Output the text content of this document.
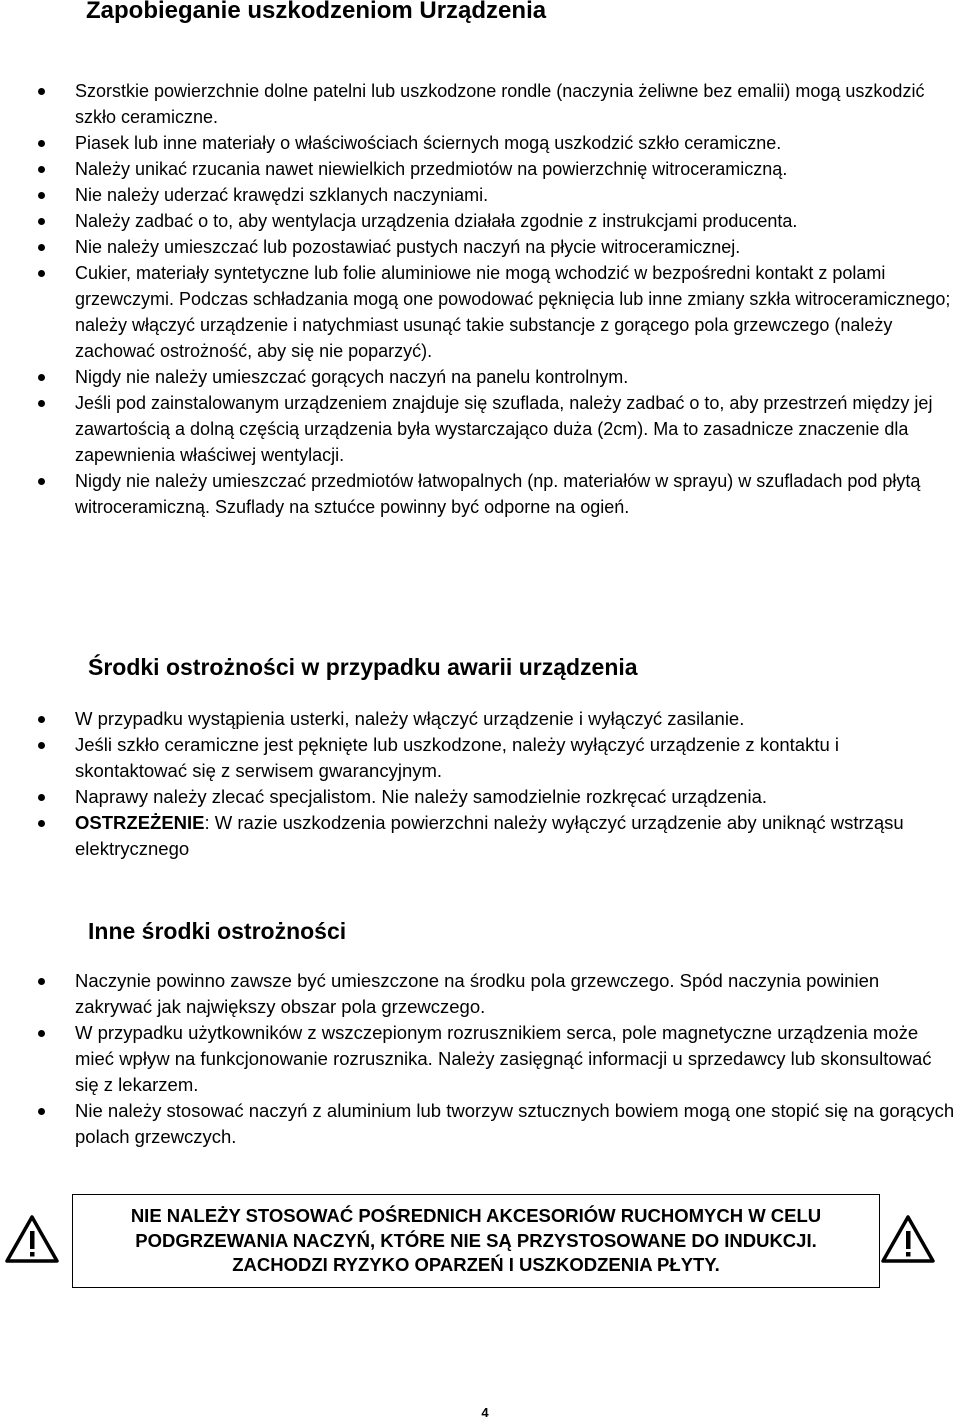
Zapobieganie uszkodzeniom Urządzenia
Szorstkie powierzchnie dolne patelni lub uszkodzone rondle (naczynia żeliwne bez emalii) mogą uszkodzić szkło ceramiczne.
Piasek lub inne materiały o właściwościach ściernych mogą uszkodzić szkło ceramiczne.
Należy unikać rzucania nawet niewielkich przedmiotów na powierzchnię witroceramiczną.
Nie należy uderzać krawędzi szklanych naczyniami.
Należy zadbać o to, aby wentylacja urządzenia działała zgodnie z instrukcjami producenta.
Nie należy umieszczać lub pozostawiać pustych naczyń na płycie witroceramicznej.
Cukier, materiały syntetyczne lub folie aluminiowe nie mogą wchodzić w bezpośredni kontakt z polami grzewczymi. Podczas schładzania mogą one powodować pęknięcia lub inne zmiany szkła witroceramicznego; należy włączyć urządzenie i natychmiast usunąć takie substancje z gorącego pola grzewczego (należy zachować ostrożność, aby się nie poparzyć).
Nigdy nie należy umieszczać gorących naczyń na panelu kontrolnym.
Jeśli pod zainstalowanym urządzeniem znajduje się szuflada, należy zadbać o to, aby przestrzeń między jej zawartością a dolną częścią urządzenia była wystarczająco duża (2cm). Ma to zasadnicze znaczenie dla zapewnienia właściwej wentylacji.
Nigdy nie należy umieszczać przedmiotów łatwopalnych (np. materiałów w sprayu) w szufladach pod płytą witroceramiczną. Szuflady na sztućce powinny być odporne na ogień.
Środki ostrożności w przypadku awarii urządzenia
W przypadku wystąpienia usterki, należy włączyć urządzenie i wyłączyć zasilanie.
Jeśli szkło ceramiczne jest pęknięte lub uszkodzone, należy wyłączyć urządzenie z kontaktu i skontaktować się z serwisem gwarancyjnym.
Naprawy należy zlecać specjalistom. Nie należy samodzielnie rozkręcać urządzenia.
OSTRZEŻENIE: W razie uszkodzenia powierzchni należy wyłączyć urządzenie aby uniknąć wstrząsu elektrycznego
Inne środki ostrożności
Naczynie powinno zawsze być umieszczone na środku pola grzewczego. Spód naczynia powinien zakrywać jak największy obszar pola grzewczego.
W przypadku użytkowników z wszczepionym rozrusznikiem serca, pole magnetyczne urządzenia może mieć wpływ na funkcjonowanie rozrusznika. Należy zasięgnąć informacji u sprzedawcy lub skonsultować się z lekarzem.
Nie należy stosować naczyń z aluminium lub tworzyw sztucznych bowiem mogą one stopić się na gorących polach grzewczych.

NIE NALEŻY STOSOWAĆ POŚREDNICH AKCESORIÓW RUCHOMYCH W CELU PODGRZEWANIA NACZYŃ, KTÓRE NIE SĄ PRZYSTOSOWANE DO INDUKCJI. ZACHODZI RYZYKO OPARZEŃ I USZKODZENIA PŁYTY.

4
